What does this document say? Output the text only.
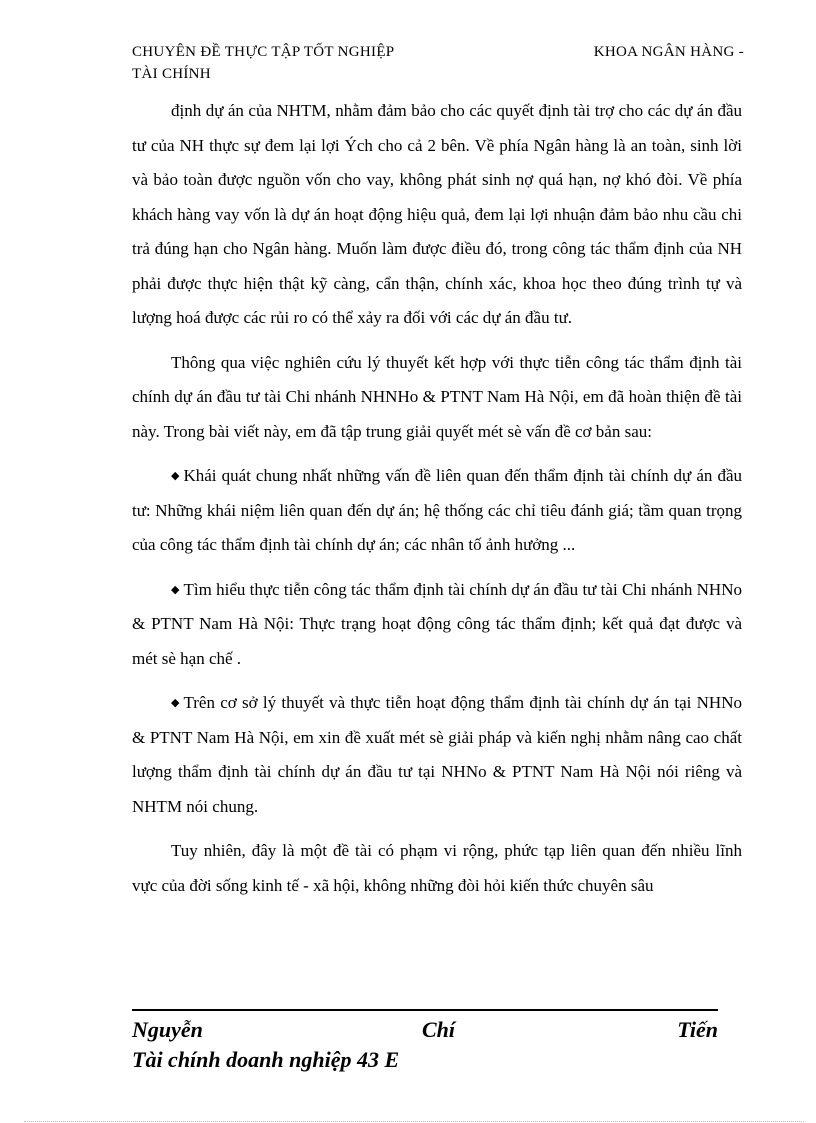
CHUYÊN ĐỀ THỰC TẬP TỐT NGHIỆP
TÀI CHÍNH
KHOA NGÂN HÀNG -

định dự án của NHTM, nhằm đảm bảo cho các quyết định tài trợ cho các dự án đầu tư của NH thực sự đem lại lợi Ých cho cả 2 bên. Về phía Ngân hàng là an toàn, sinh lời và bảo toàn được nguồn vốn cho vay, không phát sinh nợ quá hạn, nợ khó đòi. Về phía khách hàng vay vốn là dự án hoạt động hiệu quả, đem lại lợi nhuận đảm bảo nhu cầu chi trả đúng hạn cho Ngân hàng. Muốn làm được điều đó, trong công tác thẩm định của NH phải được thực hiện thật kỹ càng, cẩn thận, chính xác, khoa học theo đúng trình tự và lượng hoá được các rủi ro có thể xảy ra đối với các dự án đầu tư.

Thông qua việc nghiên cứu lý thuyết kết hợp với thực tiễn công tác thẩm định tài chính dự án đầu tư tài Chi nhánh NHNHo & PTNT Nam Hà Nội, em đã hoàn thiện đề tài này. Trong bài viết này, em đã tập trung giải quyết mét sè vấn đề cơ bản sau:

◆ Khái quát chung nhất những vấn đề liên quan đến thẩm định tài chính dự án đầu tư: Những khái niệm liên quan đến dự án; hệ thống các chỉ tiêu đánh giá; tầm quan trọng của công tác thẩm định tài chính dự án; các nhân tố ảnh hưởng ...

◆ Tìm hiểu thực tiễn công tác thẩm định tài chính dự án đầu tư tài Chi nhánh NHNo & PTNT Nam Hà Nội: Thực trạng hoạt động công tác thẩm định; kết quả đạt được và mét sè hạn chế .

◆ Trên cơ sở lý thuyết và thực tiễn hoạt động thẩm định tài chính dự án tại NHNo & PTNT Nam Hà Nội, em xin đề xuất mét sè giải pháp và kiến nghị nhằm nâng cao chất lượng thẩm định tài chính dự án đầu tư tại NHNo & PTNT Nam Hà Nội nói riêng và NHTM nói chung.

Tuy nhiên, đây là một đề tài có phạm vi rộng, phức tạp liên quan đến nhiều lĩnh vực của đời sống kinh tế - xã hội, không những đòi hỏi kiến thức chuyên sâu

Nguyễn	Chí	Tiến
Tài chính doanh nghiệp 43 E
